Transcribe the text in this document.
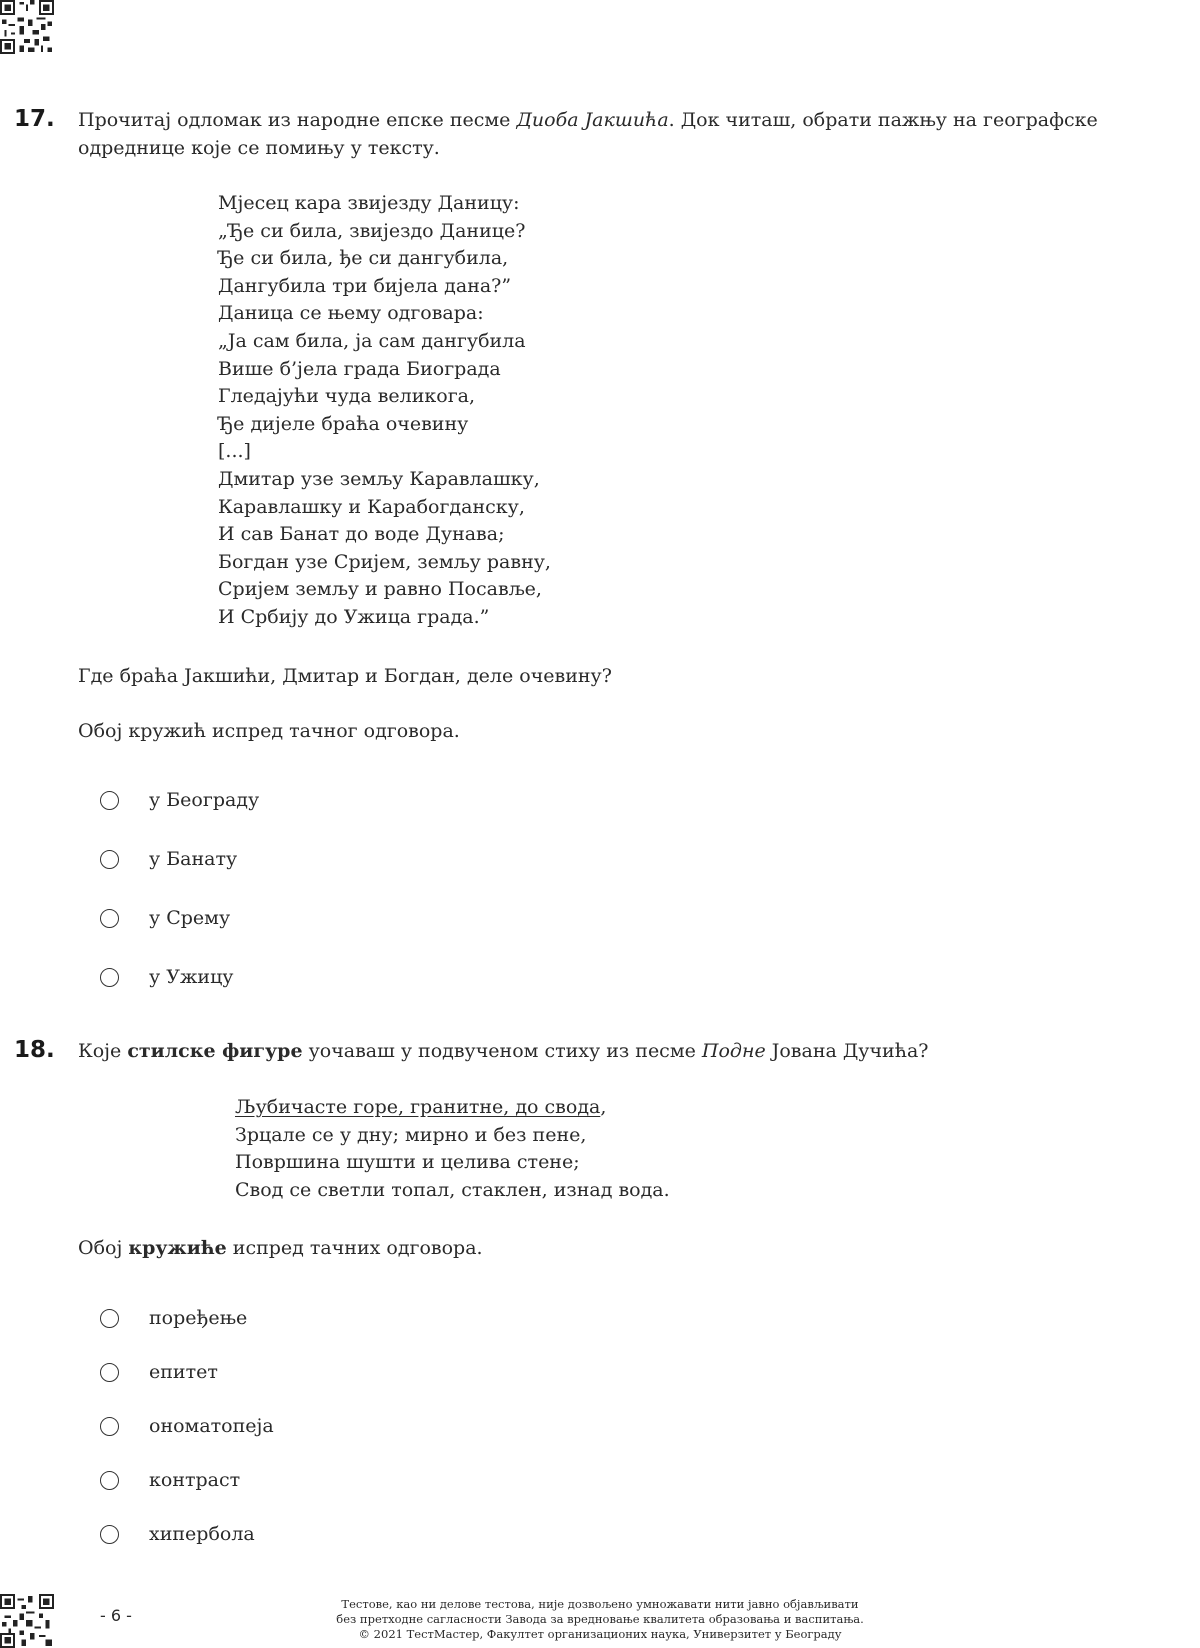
17. Прочитај одломак из народне епске песме Диоба Јакшића. Док читаш, обрати пажњу на географске одреднице које се помињу у тексту.
Мјесец кара звијезду Даницу:
„Ђе си била, звијездо Данице?
Ђе си била, ђе си дангубила,
Дангубила три бијела дана?”
Даница се њему одговара:
„Ја сам била, ја сам дангубила
Више б’јела града Биограда
Гледајући чуда великога,
Ђе дијеле браћа очевину
[...]
Дмитар узе земљу Каравлашку,
Каравлашку и Карабогданску,
И сав Банат до воде Дунава;
Богдан узе Сријем, земљу равну,
Сријем земљу и равно Посавље,
И Србију до Ужица града.”
Где браћа Јакшићи, Дмитар и Богдан, деле очевину?
Обој кружић испред тачног одговора.
у Београду
у Банату
у Срему
у Ужицу
18. Које стилске фигуре уочаваш у подвученом стиху из песме Подне Јована Дучића?
Љубичасте горе, гранитне, до свода,
Зрцале се у дну; мирно и без пене,
Површина шушти и целива стене;
Свод се светли топал, стаклен, изнад вода.
Обој кружиће испред тачних одговора.
поређење
епитет
ономатопеја
контраст
хипербола
- 6 -
Тестове, као ни делове тестова, није дозвољено умножавати нити јавно објављивати
без претходне сагласности Завода за вредновање квалитета образовања и васпитања.
© 2021 ТестМастер, Факултет организационих наука, Универзитет у Београду
